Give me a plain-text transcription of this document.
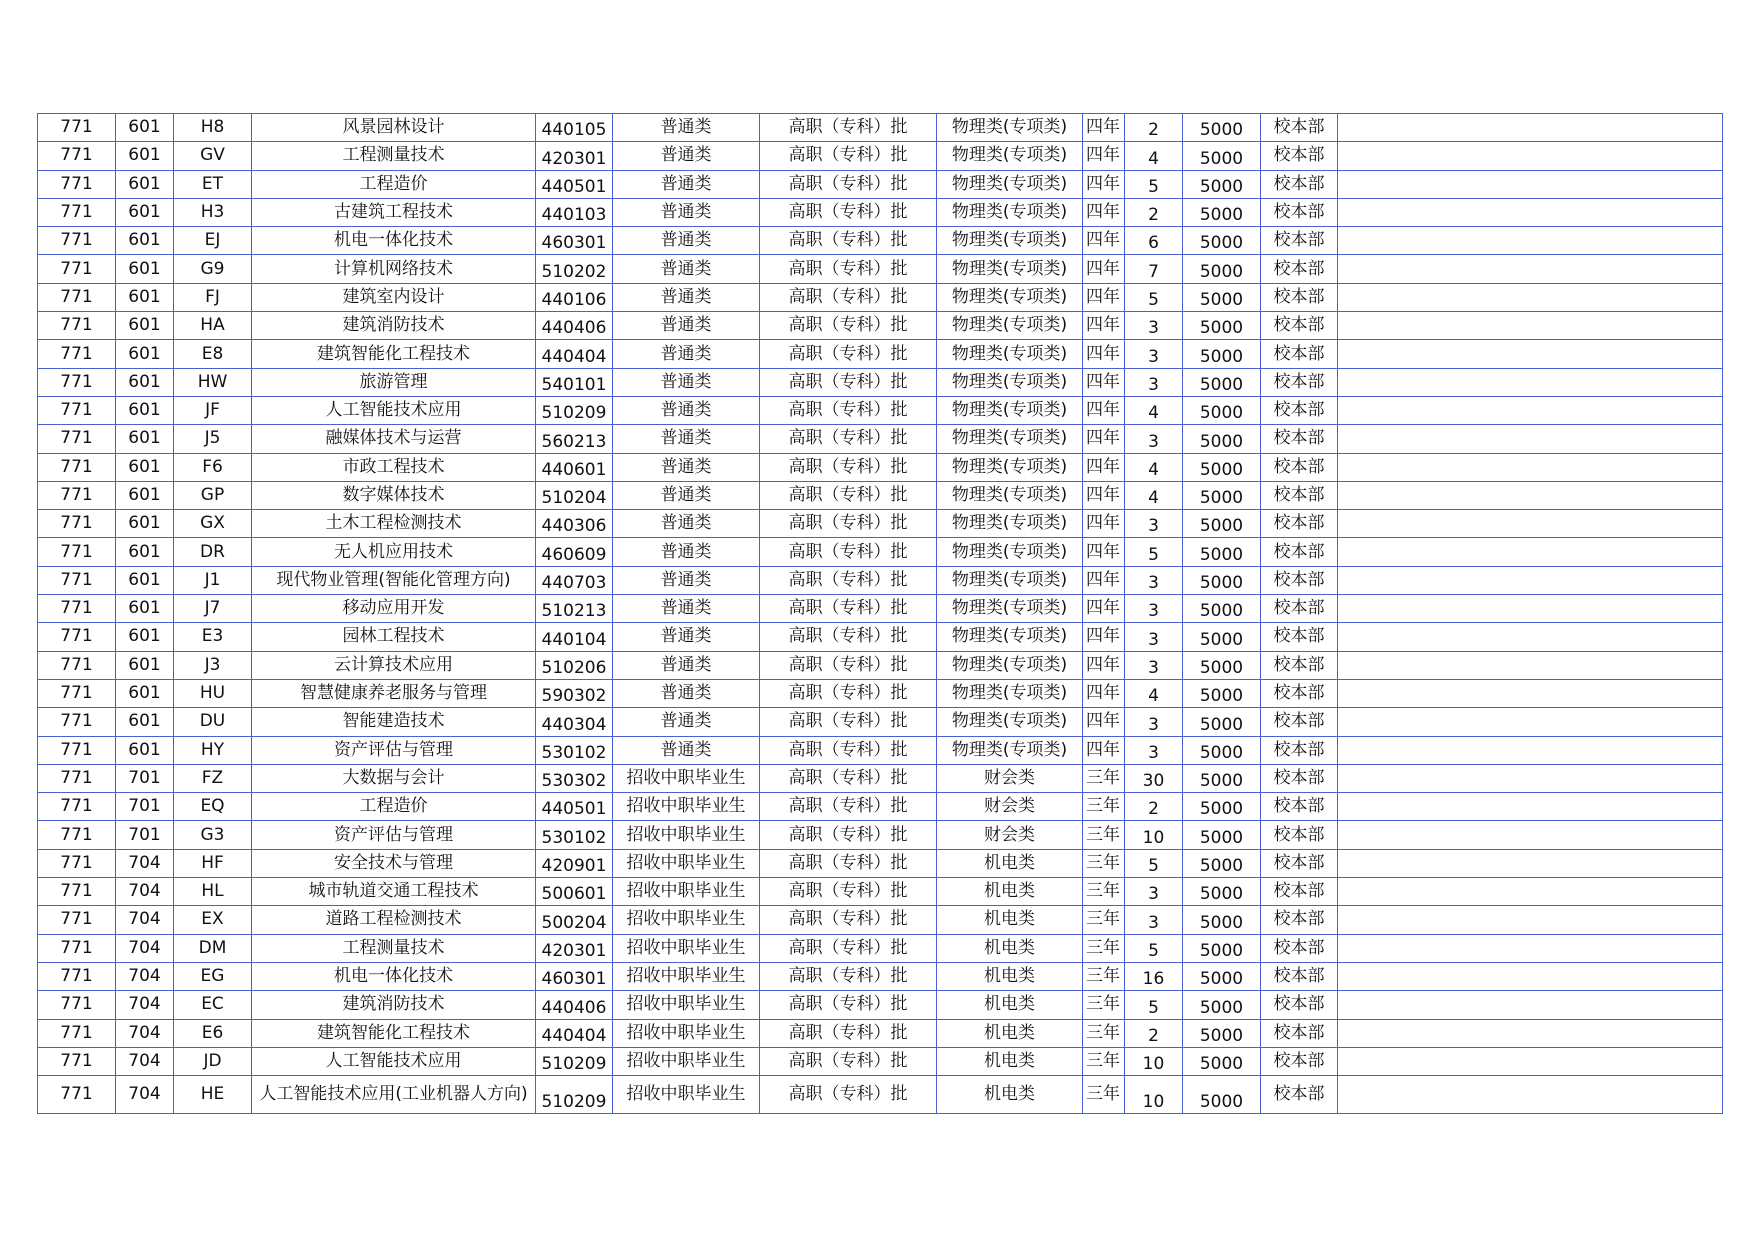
771	601	H8	风景园林设计	440105	普通类	高职（专科）批	物理类(专项类)	四年	2	5000	校本部	
771	601	GV	工程测量技术	420301	普通类	高职（专科）批	物理类(专项类)	四年	4	5000	校本部	
771	601	ET	工程造价	440501	普通类	高职（专科）批	物理类(专项类)	四年	5	5000	校本部	
771	601	H3	古建筑工程技术	440103	普通类	高职（专科）批	物理类(专项类)	四年	2	5000	校本部	
771	601	EJ	机电一体化技术	460301	普通类	高职（专科）批	物理类(专项类)	四年	6	5000	校本部	
771	601	G9	计算机网络技术	510202	普通类	高职（专科）批	物理类(专项类)	四年	7	5000	校本部	
771	601	FJ	建筑室内设计	440106	普通类	高职（专科）批	物理类(专项类)	四年	5	5000	校本部	
771	601	HA	建筑消防技术	440406	普通类	高职（专科）批	物理类(专项类)	四年	3	5000	校本部	
771	601	E8	建筑智能化工程技术	440404	普通类	高职（专科）批	物理类(专项类)	四年	3	5000	校本部	
771	601	HW	旅游管理	540101	普通类	高职（专科）批	物理类(专项类)	四年	3	5000	校本部	
771	601	JF	人工智能技术应用	510209	普通类	高职（专科）批	物理类(专项类)	四年	4	5000	校本部	
771	601	J5	融媒体技术与运营	560213	普通类	高职（专科）批	物理类(专项类)	四年	3	5000	校本部	
771	601	F6	市政工程技术	440601	普通类	高职（专科）批	物理类(专项类)	四年	4	5000	校本部	
771	601	GP	数字媒体技术	510204	普通类	高职（专科）批	物理类(专项类)	四年	4	5000	校本部	
771	601	GX	土木工程检测技术	440306	普通类	高职（专科）批	物理类(专项类)	四年	3	5000	校本部	
771	601	DR	无人机应用技术	460609	普通类	高职（专科）批	物理类(专项类)	四年	5	5000	校本部	
771	601	J1	现代物业管理(智能化管理方向)	440703	普通类	高职（专科）批	物理类(专项类)	四年	3	5000	校本部	
771	601	J7	移动应用开发	510213	普通类	高职（专科）批	物理类(专项类)	四年	3	5000	校本部	
771	601	E3	园林工程技术	440104	普通类	高职（专科）批	物理类(专项类)	四年	3	5000	校本部	
771	601	J3	云计算技术应用	510206	普通类	高职（专科）批	物理类(专项类)	四年	3	5000	校本部	
771	601	HU	智慧健康养老服务与管理	590302	普通类	高职（专科）批	物理类(专项类)	四年	4	5000	校本部	
771	601	DU	智能建造技术	440304	普通类	高职（专科）批	物理类(专项类)	四年	3	5000	校本部	
771	601	HY	资产评估与管理	530102	普通类	高职（专科）批	物理类(专项类)	四年	3	5000	校本部	
771	701	FZ	大数据与会计	530302	招收中职毕业生	高职（专科）批	财会类	三年	30	5000	校本部	
771	701	EQ	工程造价	440501	招收中职毕业生	高职（专科）批	财会类	三年	2	5000	校本部	
771	701	G3	资产评估与管理	530102	招收中职毕业生	高职（专科）批	财会类	三年	10	5000	校本部	
771	704	HF	安全技术与管理	420901	招收中职毕业生	高职（专科）批	机电类	三年	5	5000	校本部	
771	704	HL	城市轨道交通工程技术	500601	招收中职毕业生	高职（专科）批	机电类	三年	3	5000	校本部	
771	704	EX	道路工程检测技术	500204	招收中职毕业生	高职（专科）批	机电类	三年	3	5000	校本部	
771	704	DM	工程测量技术	420301	招收中职毕业生	高职（专科）批	机电类	三年	5	5000	校本部	
771	704	EG	机电一体化技术	460301	招收中职毕业生	高职（专科）批	机电类	三年	16	5000	校本部	
771	704	EC	建筑消防技术	440406	招收中职毕业生	高职（专科）批	机电类	三年	5	5000	校本部	
771	704	E6	建筑智能化工程技术	440404	招收中职毕业生	高职（专科）批	机电类	三年	2	5000	校本部	
771	704	JD	人工智能技术应用	510209	招收中职毕业生	高职（专科）批	机电类	三年	10	5000	校本部	
771	704	HE	人工智能技术应用(工业机器人方向)	510209	招收中职毕业生	高职（专科）批	机电类	三年	10	5000	校本部	
